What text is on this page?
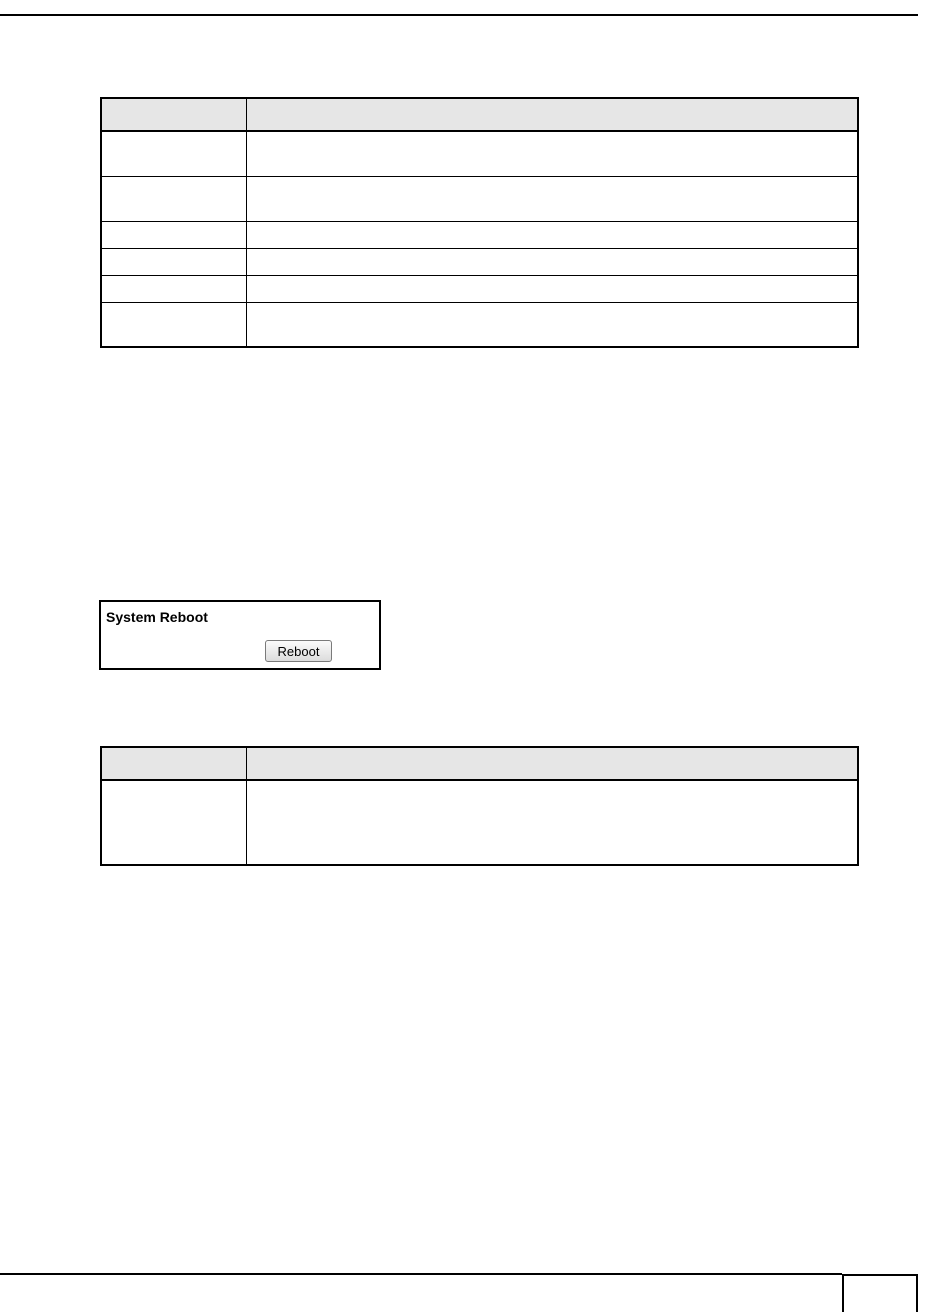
System Reboot
Reboot
